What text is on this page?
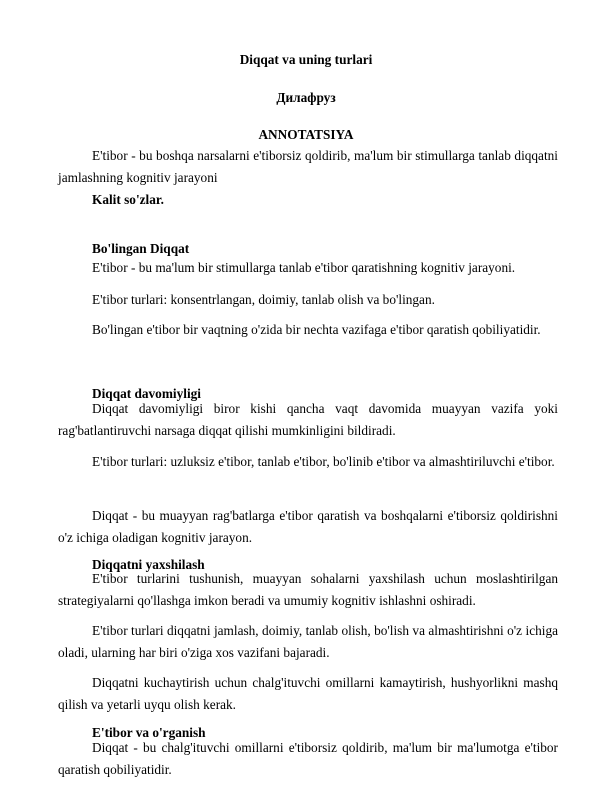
Diqqat va uning turlari
Дилафруз
ANNOTATSIYA

E'tibor - bu boshqa narsalarni e'tiborsiz qoldirib, ma'lum bir stimullarga tanlab diqqatni jamlashning kognitiv jarayoni

Kalit so'zlar.
Bo'lingan Diqqat

E'tibor - bu ma'lum bir stimullarga tanlab e'tibor qaratishning kognitiv jarayoni.

E'tibor turlari: konsentrlangan, doimiy, tanlab olish va bo'lingan.

Bo'lingan e'tibor bir vaqtning o'zida bir nechta vazifaga e'tibor qaratish qobiliyatidir.

Diqqat davomiyligi

Diqqat davomiyligi biror kishi qancha vaqt davomida muayyan vazifa yoki rag'batlantiruvchi narsaga diqqat qilishi mumkinligini bildiradi.

E'tibor turlari: uzluksiz e'tibor, tanlab e'tibor, bo'linib e'tibor va almashtiriluvchi e'tibor.

Diqqat - bu muayyan rag'batlarga e'tibor qaratish va boshqalarni e'tiborsiz qoldirishni o'z ichiga oladigan kognitiv jarayon.

Diqqatni yaxshilash

E'tibor turlarini tushunish, muayyan sohalarni yaxshilash uchun moslashtirilgan strategiyalarni qo'llashga imkon beradi va umumiy kognitiv ishlashni oshiradi.

E'tibor turlari diqqatni jamlash, doimiy, tanlab olish, bo'lish va almashtirishni o'z ichiga oladi, ularning har biri o'ziga xos vazifani bajaradi.

Diqqatni kuchaytirish uchun chalg'ituvchi omillarni kamaytirish, hushyorlikni mashq qilish va yetarli uyqu olish kerak.

E'tibor va o'rganish

Diqqat - bu chalg'ituvchi omillarni e'tiborsiz qoldirib, ma'lum bir ma'lumotga e'tibor qaratish qobiliyatidir.
